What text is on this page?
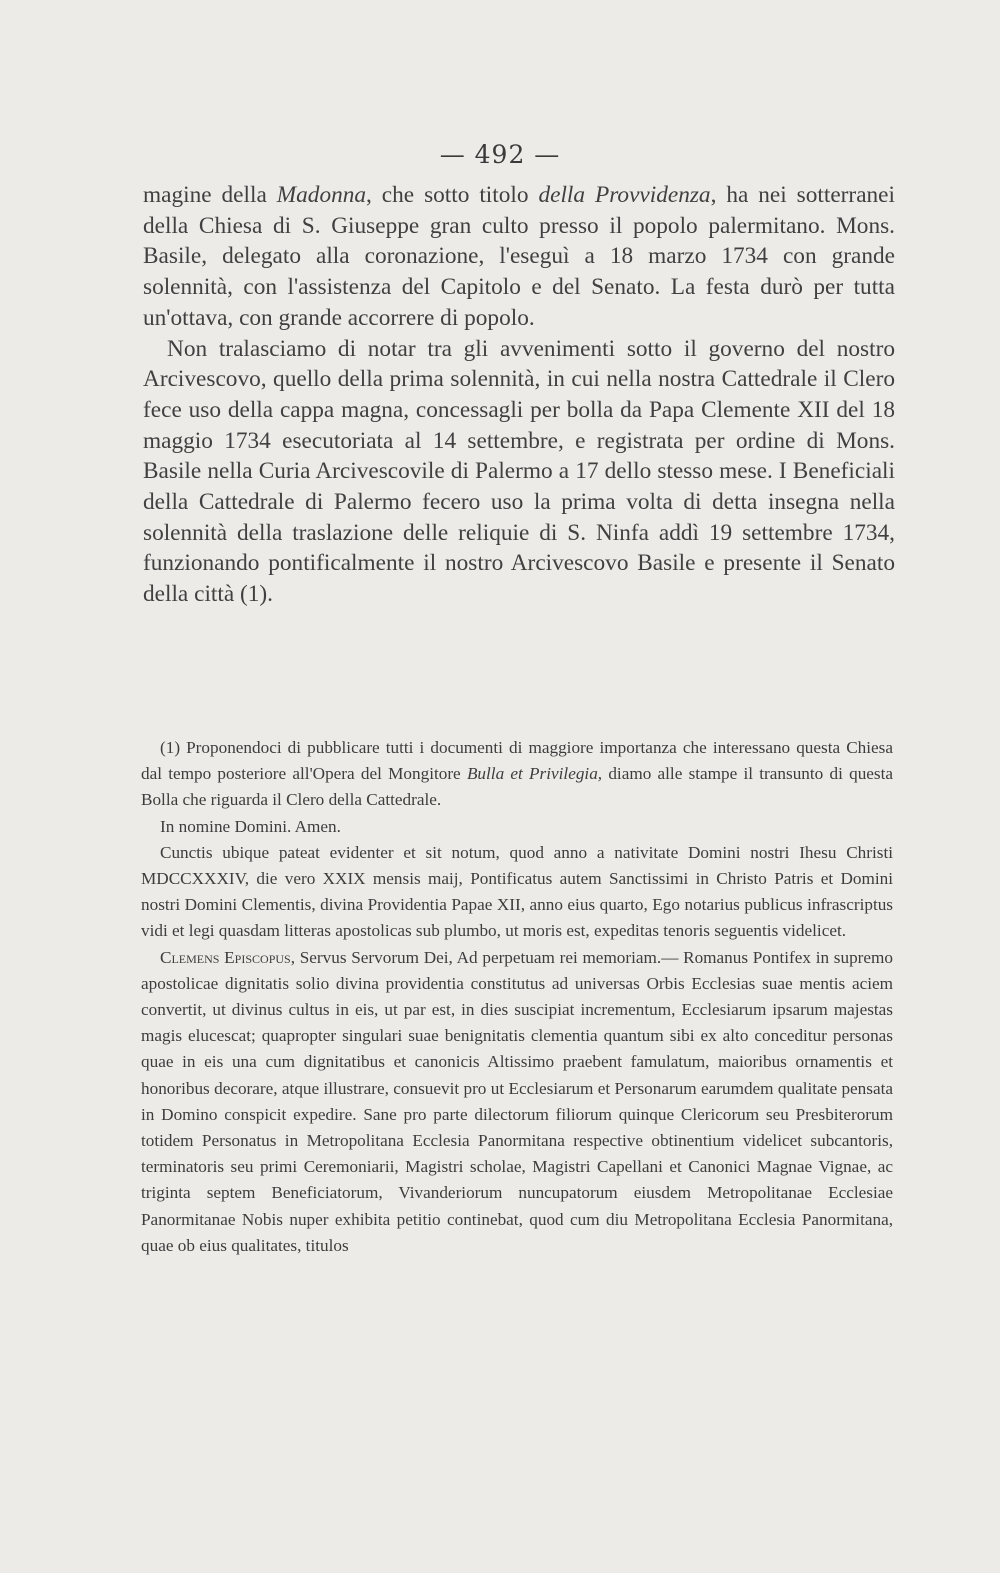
— 492 —

magine della Madonna, che sotto titolo della Provvidenza, ha nei sotterranei della Chiesa di S. Giuseppe gran culto presso il popolo palermitano. Mons. Basile, delegato alla coronazione, l'eseguì a 18 marzo 1734 con grande solennità, con l'assistenza del Capitolo e del Senato. La festa durò per tutta un'ottava, con grande accorrere di popolo.

Non tralasciamo di notar tra gli avvenimenti sotto il governo del nostro Arcivescovo, quello della prima solennità, in cui nella nostra Cattedrale il Clero fece uso della cappa magna, concessagli per bolla da Papa Clemente XII del 18 maggio 1734 esecutoriata al 14 settembre, e registrata per ordine di Mons. Basile nella Curia Arcivescovile di Palermo a 17 dello stesso mese. I Beneficiali della Cattedrale di Palermo fecero uso la prima volta di detta insegna nella solennità della traslazione delle reliquie di S. Ninfa addì 19 settembre 1734, funzionando pontificalmente il nostro Arcivescovo Basile e presente il Senato della città (1).

(1) Proponendoci di pubblicare tutti i documenti di maggiore importanza che interessano questa Chiesa dal tempo posteriore all'Opera del Mongitore Bulla et Privilegia, diamo alle stampe il transunto di questa Bolla che riguarda il Clero della Cattedrale.

In nomine Domini. Amen.

Cunctis ubique pateat evidenter et sit notum, quod anno a nativitate Domini nostri Ihesu Christi MDCCXXXIV, die vero XXIX mensis maij, Pontificatus autem Sanctissimi in Christo Patris et Domini nostri Domini Clementis, divina Providentia Papae XII, anno eius quarto, Ego notarius publicus infrascriptus vidi et legi quasdam litteras apostolicas sub plumbo, ut moris est, expeditas tenoris seguentis videlicet.

Clemens Episcopus, Servus Servorum Dei, Ad perpetuam rei memoriam.— Romanus Pontifex in supremo apostolicae dignitatis solio divina providentia constitutus ad universas Orbis Ecclesias suae mentis aciem convertit, ut divinus cultus in eis, ut par est, in dies suscipiat incrementum, Ecclesiarum ipsarum majestas magis elucescat; quapropter singulari suae benignitatis clementia quantum sibi ex alto conceditur personas quae in eis una cum dignitatibus et canonicis Altissimo praebent famulatum, maioribus ornamentis et honoribus decorare, atque illustrare, consuevit pro ut Ecclesiarum et Personarum earumdem qualitate pensata in Domino conspicit expedire. Sane pro parte dilectorum filiorum quinque Clericorum seu Presbiterorum totidem Personatus in Metropolitana Ecclesia Panormitana respective obtinentium videlicet subcantoris, terminatoris seu primi Ceremoniarii, Magistri scholae, Magistri Capellani et Canonici Magnae Vignae, ac triginta septem Beneficiatorum, Vivanderiorum nuncupatorum eiusdem Metropolitanae Ecclesiae Panormitanae Nobis nuper exhibita petitio continebat, quod cum diu Metropolitana Ecclesia Panormitana, quae ob eius qualitates, titulos
